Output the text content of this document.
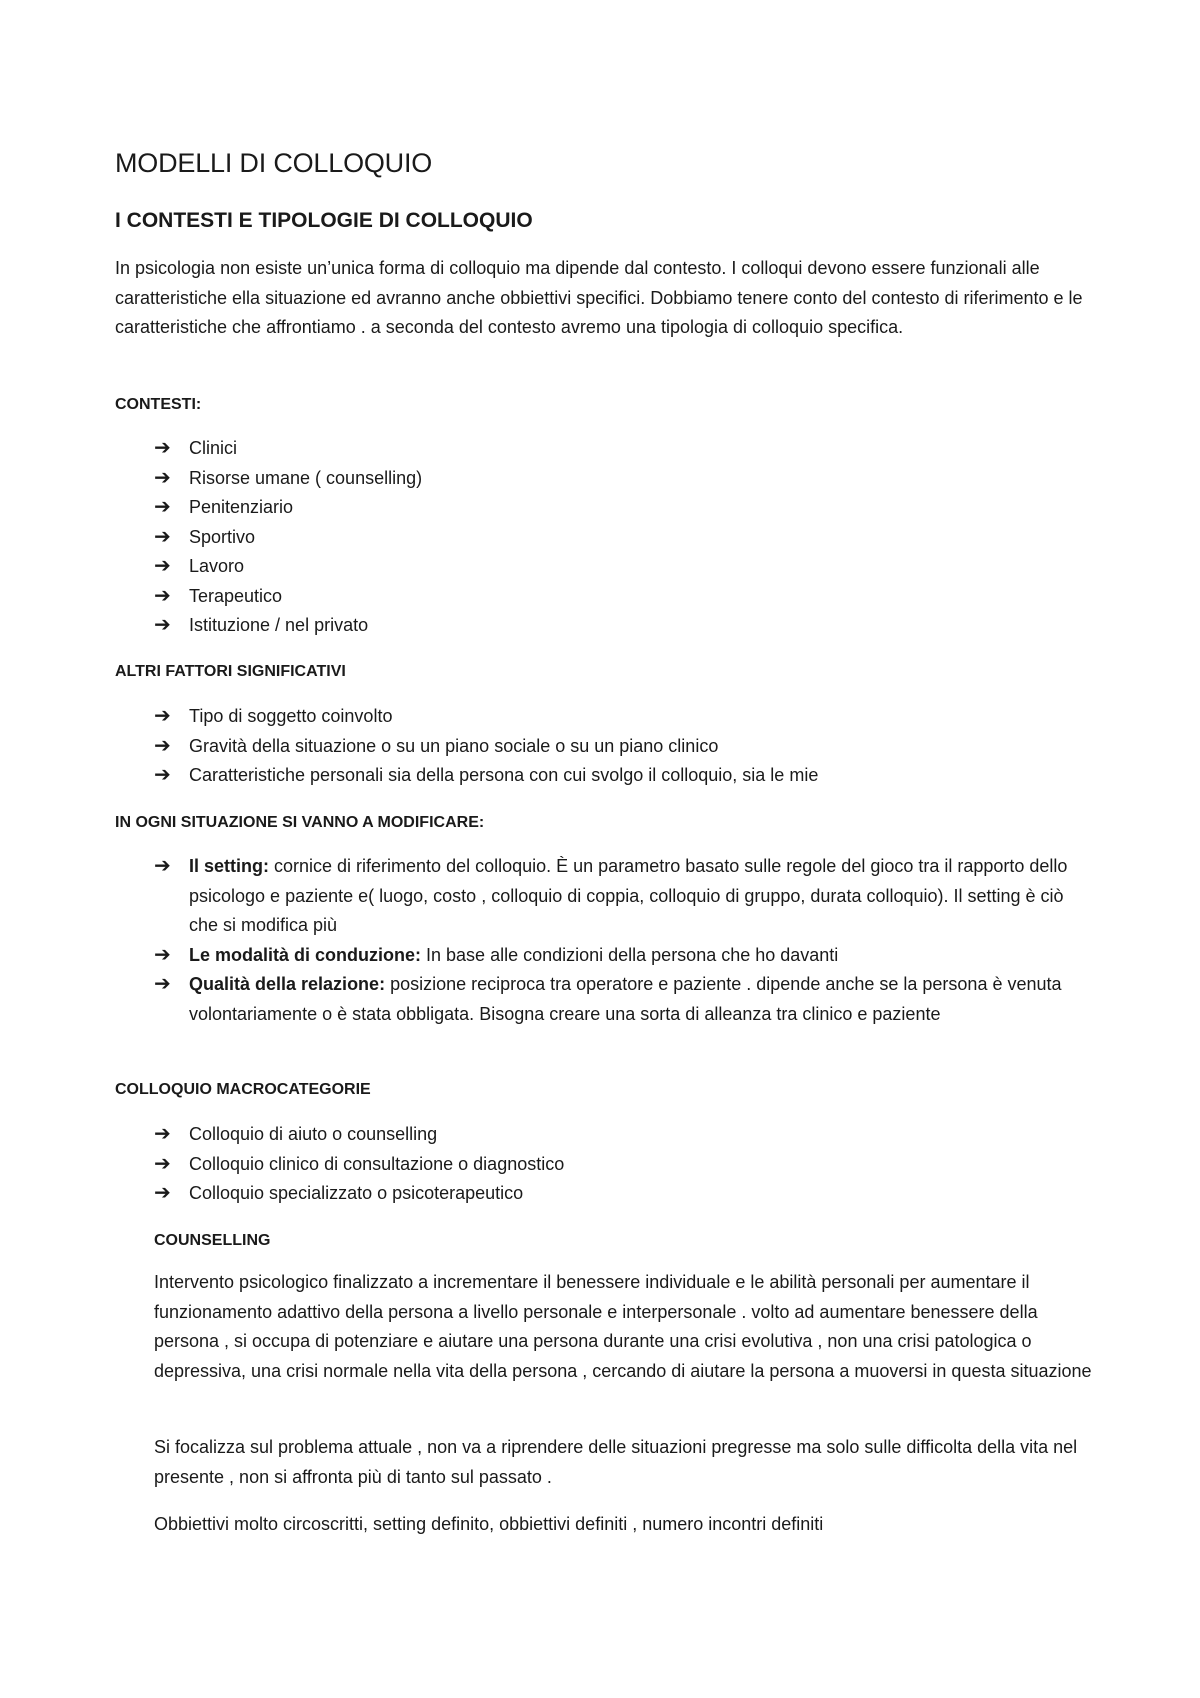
MODELLI DI COLLOQUIO
I CONTESTI E TIPOLOGIE DI COLLOQUIO

In psicologia non esiste un’unica forma di colloquio ma dipende dal contesto. I colloqui devono essere funzionali alle caratteristiche ella situazione ed avranno anche obbiettivi specifici. Dobbiamo tenere conto del contesto di riferimento e le caratteristiche che affrontiamo . a seconda del contesto avremo una tipologia di colloquio specifica.

CONTESTI:

➔ Clinici
➔ Risorse umane ( counselling)
➔ Penitenziario
➔ Sportivo
➔ Lavoro
➔ Terapeutico
➔ Istituzione / nel privato

ALTRI FATTORI SIGNIFICATIVI

➔ Tipo di soggetto coinvolto
➔ Gravità della situazione o su un piano sociale o su un piano clinico
➔ Caratteristiche personali sia della persona con cui svolgo il colloquio, sia le mie

IN OGNI SITUAZIONE SI VANNO A MODIFICARE:

➔ Il setting: cornice di riferimento del colloquio. È un parametro basato sulle regole del gioco tra il rapporto dello psicologo e paziente e( luogo, costo , colloquio di coppia, colloquio di gruppo, durata colloquio). Il setting è ciò che si modifica più
➔ Le modalità di conduzione: In base alle condizioni della persona che ho davanti
➔ Qualità della relazione: posizione reciproca tra operatore e paziente . dipende anche se la persona è venuta volontariamente o è stata obbligata. Bisogna creare una sorta di alleanza tra clinico e paziente

COLLOQUIO MACROCATEGORIE

➔ Colloquio di aiuto o counselling
➔ Colloquio clinico di consultazione o diagnostico
➔ Colloquio specializzato o psicoterapeutico

COUNSELLING

Intervento psicologico finalizzato a incrementare il benessere individuale e le abilità personali per aumentare il funzionamento adattivo della persona a livello personale e interpersonale . volto ad aumentare benessere della persona , si occupa di potenziare e aiutare una persona durante una crisi evolutiva , non una crisi patologica o depressiva, una crisi normale nella vita della persona , cercando di aiutare la persona a muoversi in questa situazione

Si focalizza sul problema attuale , non va a riprendere delle situazioni pregresse ma solo sulle difficolta della vita nel presente , non si affronta più di tanto sul passato .

Obbiettivi molto circoscritti, setting definito, obbiettivi definiti , numero incontri definiti
